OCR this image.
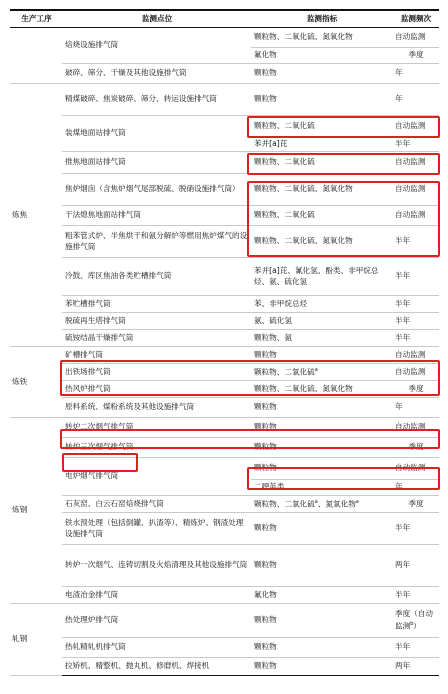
生产工序	监测点位	监测指标	监测频次
烧结	焙烧设施排气筒	颗粒物、二氧化硫、氮氧化物	自动监测
		氟化物	季度
	破碎、筛分、干燥及其他设施排气筒	颗粒物	年
炼焦	精煤破碎、焦炭破碎、筛分、转运设施排气筒	颗粒物	年
	装煤地面站排气筒	颗粒物、二氧化硫	自动监测
		苯并[a]芘	半年
	推焦地面站排气筒	颗粒物、二氧化硫	自动监测
	焦炉烟囱（含焦炉烟气尾部脱硫、脱硝设施排气筒）	颗粒物、二氧化硫、氮氧化物	自动监测
	干法熄焦地面站排气筒	颗粒物、二氧化硫	自动监测
	粗苯管式炉、半焦烘干和氨分解炉等燃用焦炉煤气的设施排气筒	颗粒物、二氧化硫、氮氧化物	半年
	冷鼓、库区焦油各类贮槽排气筒	苯并[a]芘、氰化氢、酚类、非甲烷总烃、氨、硫化氢	半年
	苯贮槽排气筒	苯、非甲烷总烃	半年
	脱硫再生塔排气筒	氨、硫化氢	半年
	硫铵结晶干燥排气筒	颗粒物、氨	半年
炼铁	矿槽排气筒	颗粒物	自动监测
	出铁场排气筒	颗粒物、二氧化硫$^a$	自动监测
	热风炉排气筒	颗粒物、二氧化硫、氮氧化物	季度
	原料系统、煤粉系统及其他设施排气筒	颗粒物	年
炼钢	转炉二次烟气排气筒	颗粒物	自动监测
	转炉三次烟气排气筒	颗粒物	季度
	电炉烟气排气筒	颗粒物	自动监测
		二噁英类	年
	石灰窑、白云石窑焙烧排气筒	颗粒物、二氧化硫$^a$、氮氧化物$^a$	季度
	铁水预处理（包括倒罐、扒渣等）、精炼炉、钢渣处理设施排气筒	颗粒物	半年
	转炉一次烟气、连铸切割及火焰清理及其他设施排气筒	颗粒物	两年
	电渣冶金排气筒	氟化物	半年
轧钢	热处理炉排气筒	颗粒物	季度（自动监测$^b$）
	热轧精轧机排气筒	颗粒物	半年
	拉矫机、精整机、抛丸机、修磨机、焊接机	颗粒物	两年
